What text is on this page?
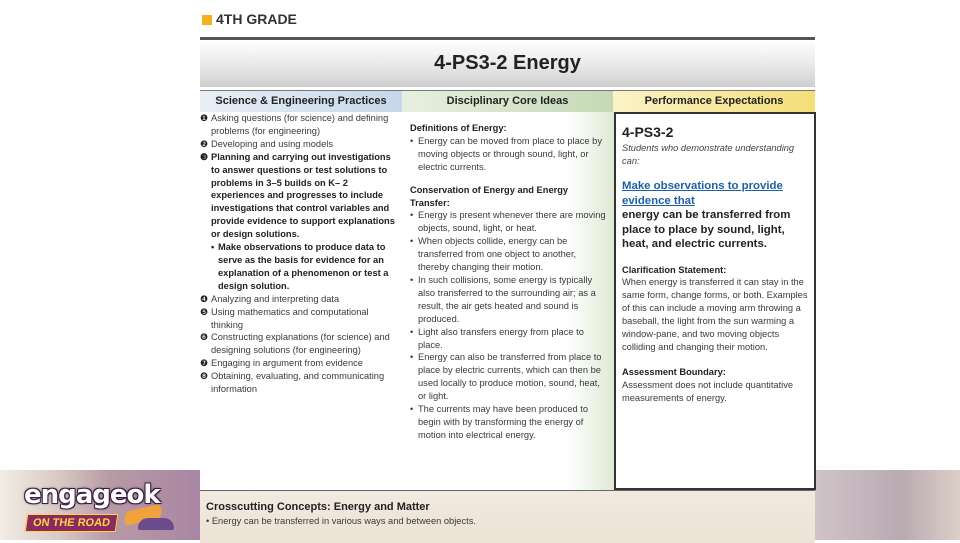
engageok
ON THE ROAD
4TH GRADE
4-PS3-2 Energy
Science & Engineering Practices	Disciplinary Core Ideas	Performance Expectations
❶ Asking questions (for science) and defining problems (for engineering)
❷ Developing and using models
❸ Planning and carrying out investigations to answer questions or test solutions to problems in 3–5 builds on K– 2 experiences and progresses to include investigations that control variables and provide evidence to support explanations or design solutions.
• Make observations to produce data to serve as the basis for evidence for an explanation of a phenomenon or test a design solution.
❹ Analyzing and interpreting data
❺ Using mathematics and computational thinking
❻ Constructing explanations (for science) and designing solutions (for engineering)
❼ Engaging in argument from evidence
❽ Obtaining, evaluating, and communicating information
Definitions of Energy:
• Energy can be moved from place to place by moving objects or through sound, light, or electric currents.
Conservation of Energy and Energy Transfer:
• Energy is present whenever there are moving objects, sound, light, or heat.
• When objects collide, energy can be transferred from one object to another, thereby changing their motion.
• In such collisions, some energy is typically also transferred to the surrounding air; as a result, the air gets heated and sound is produced.
• Light also transfers energy from place to place.
• Energy can also be transferred from place to place by electric currents, which can then be used locally to produce motion, sound, heat, or light.
• The currents may have been produced to begin with by transforming the energy of motion into electrical energy.
4-PS3-2
Students who demonstrate understanding can:
Make observations to provide evidence that
energy can be transferred from place to place by sound, light, heat, and electric currents.
Clarification Statement:
When energy is transferred it can stay in the same form, change forms, or both. Examples of this can include a moving arm throwing a baseball, the light from the sun warming a window-pane, and two moving objects colliding and changing their motion.
Assessment Boundary:
Assessment does not include quantitative measurements of energy.
Crosscutting Concepts: Energy and Matter
• Energy can be transferred in various ways and between objects.
